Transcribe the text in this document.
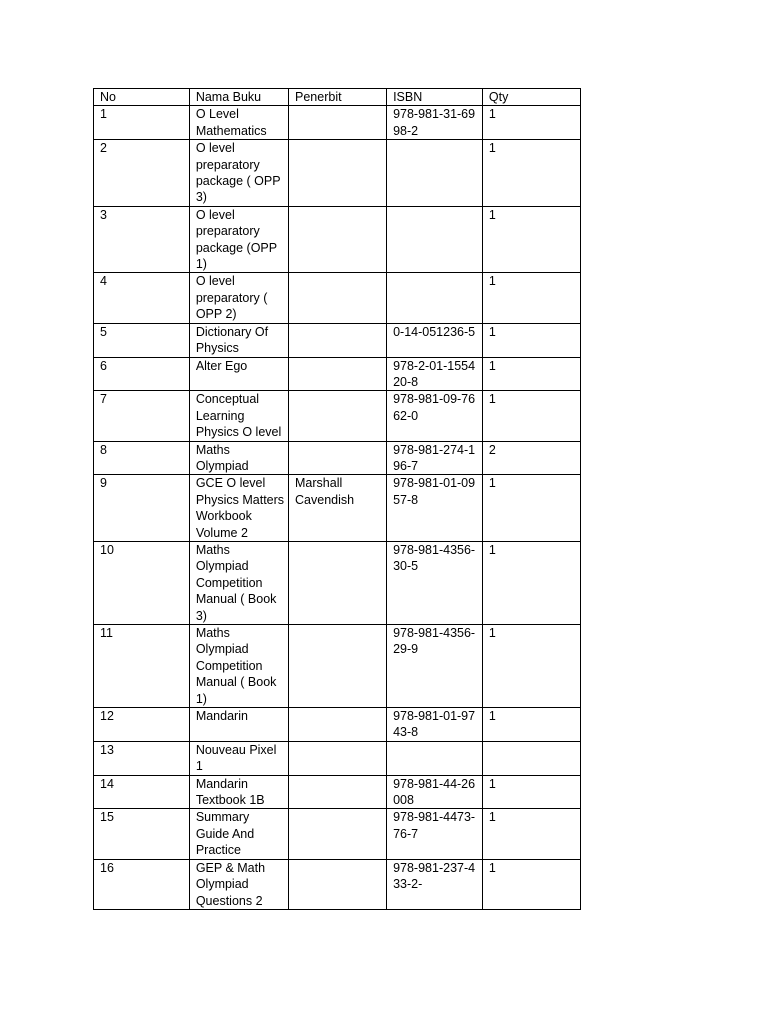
No	Nama Buku	Penerbit	ISBN	Qty
1	O Level Mathematics		978-981-31-6998-2	1
2	O level preparatory package ( OPP 3)			1
3	O level preparatory package (OPP 1)			1
4	O level preparatory ( OPP 2)			1
5	Dictionary Of Physics		0-14-051236-5	1
6	Alter Ego		978-2-01-155420-8	1
7	Conceptual Learning Physics O level		978-981-09-7662-0	1
8	Maths Olympiad		978-981-274-196-7	2
9	GCE O level Physics Matters Workbook Volume 2	Marshall Cavendish	978-981-01-0957-8	1
10	Maths Olympiad Competition Manual ( Book 3)		978-981-4356-30-5	1
11	Maths Olympiad Competition Manual ( Book 1)		978-981-4356-29-9	1
12	Mandarin		978-981-01-9743-8	1
13	Nouveau Pixel 1			
14	Mandarin Textbook 1B		978-981-44-26008	1
15	Summary Guide And Practice		978-981-4473-76-7	1
16	GEP & Math Olympiad Questions 2		978-981-237-433-2-	1
